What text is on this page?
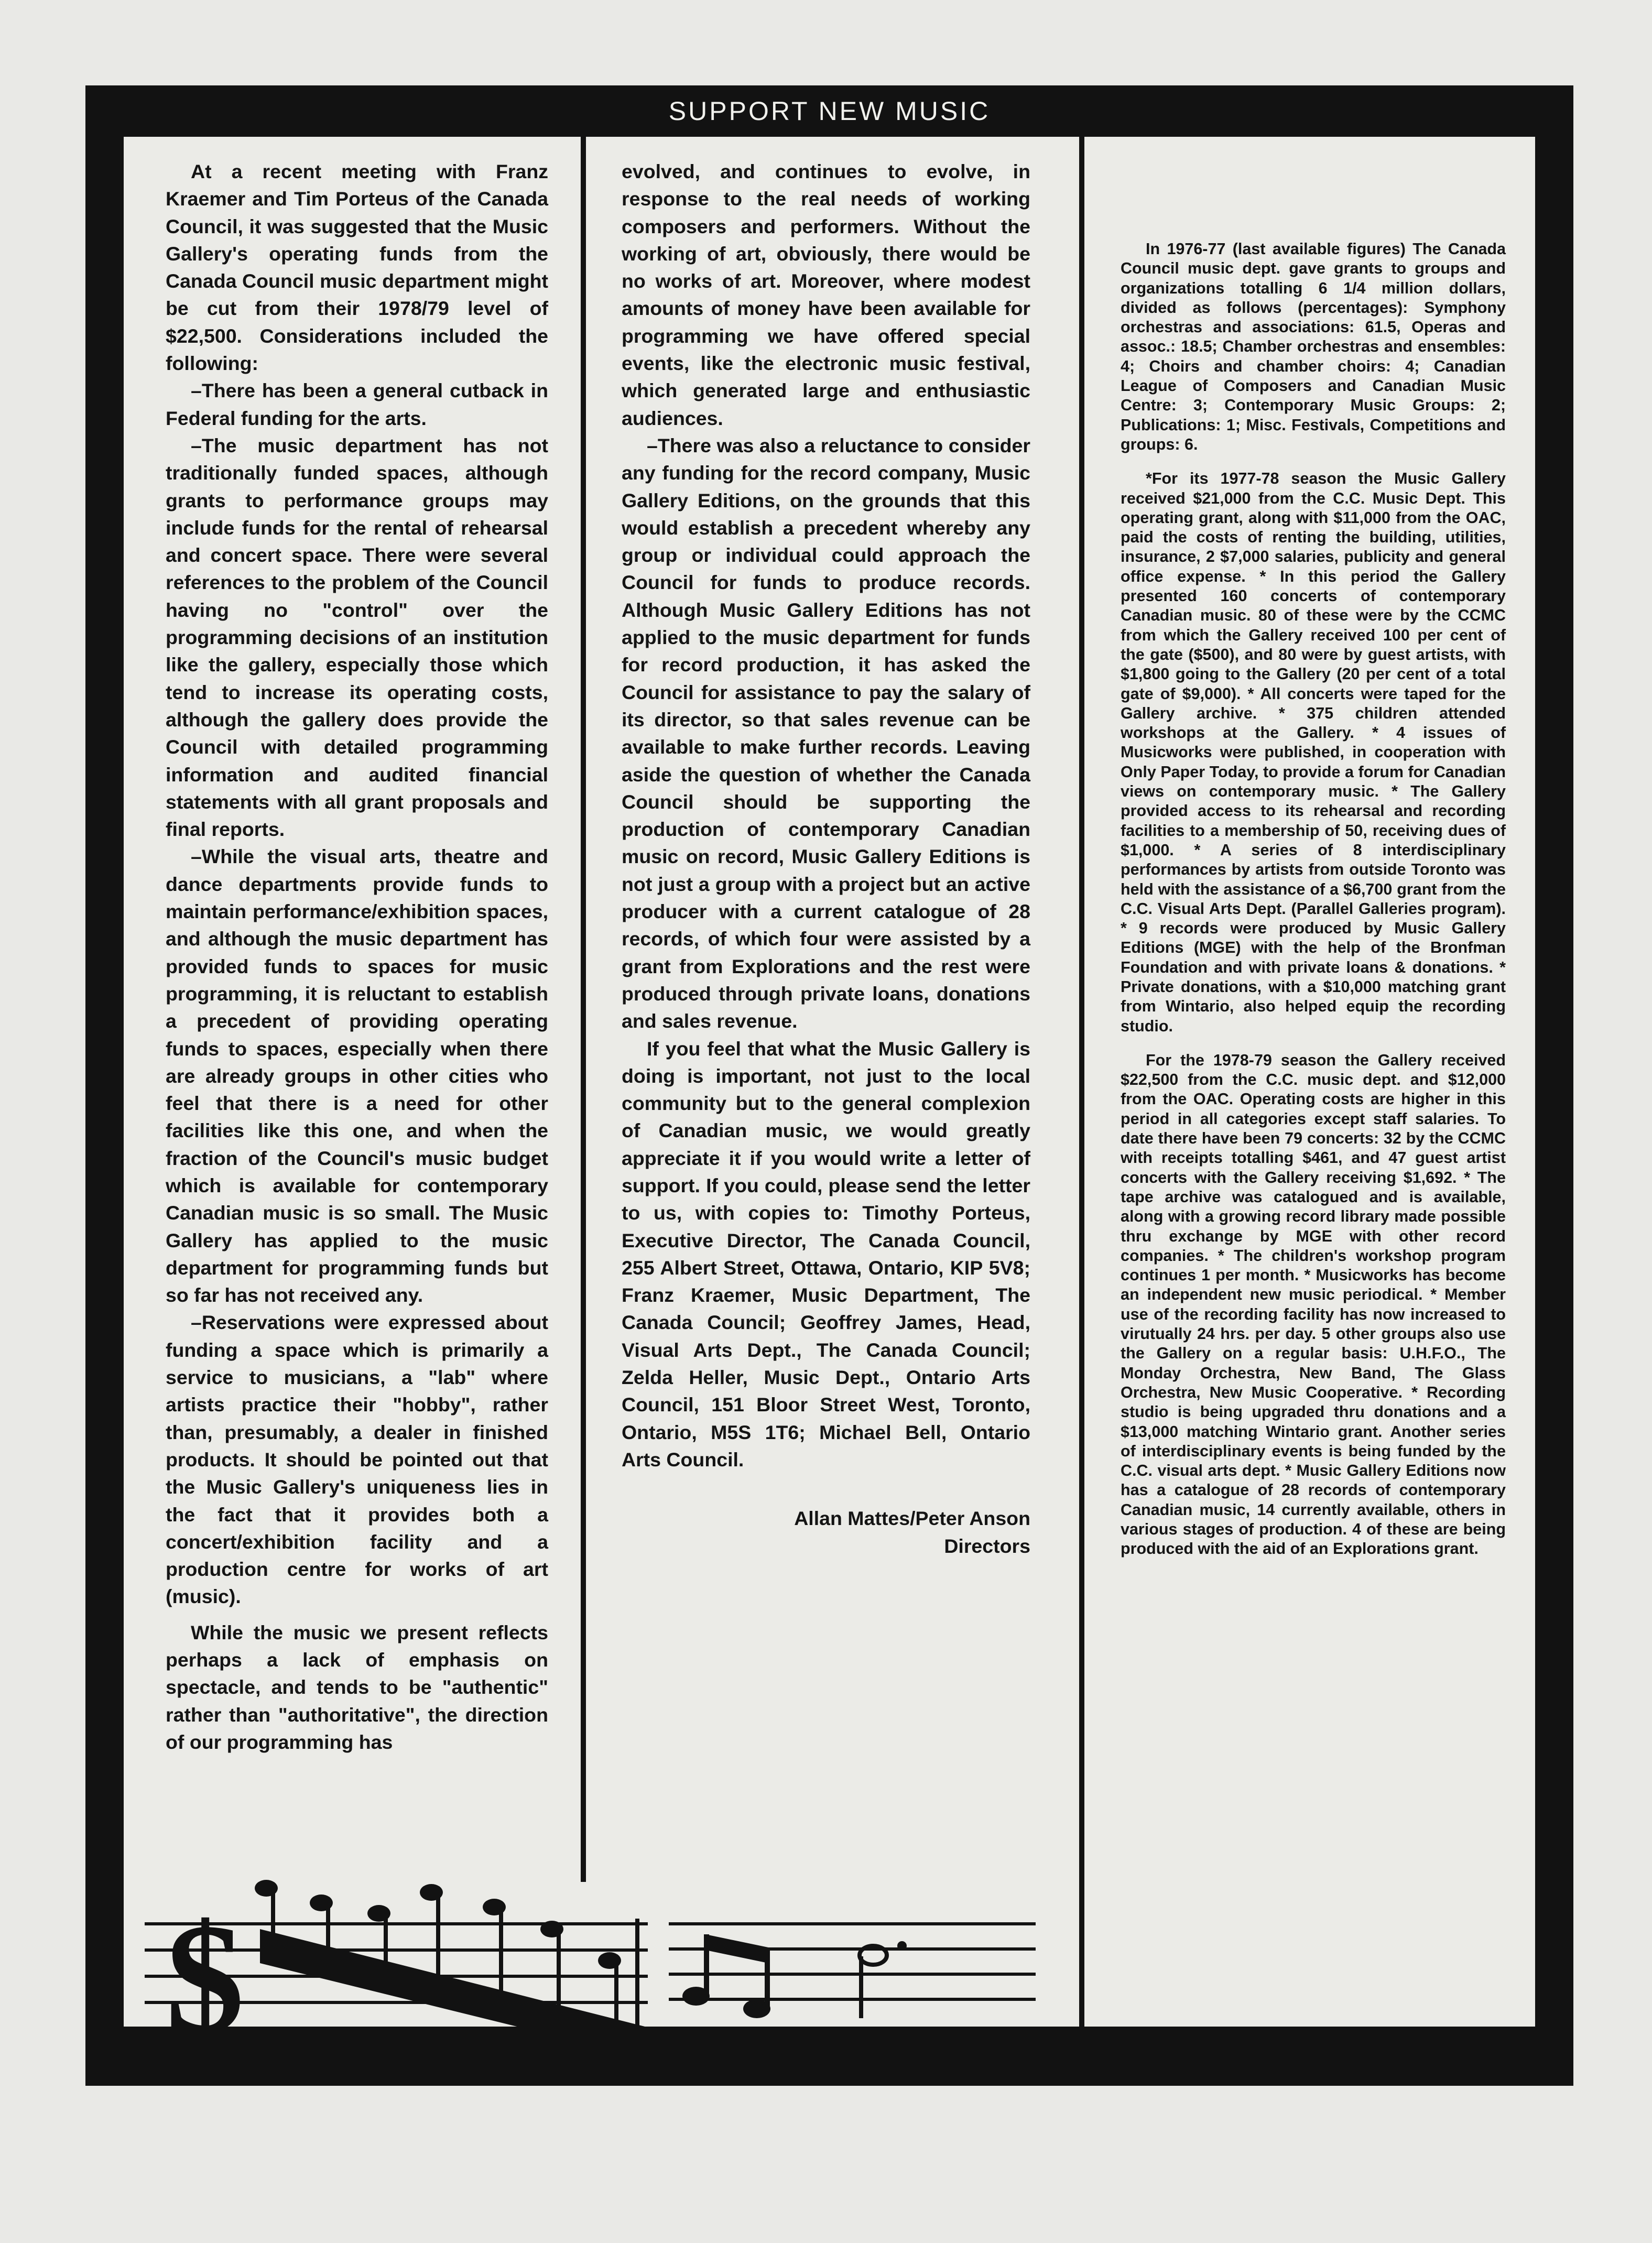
SUPPORT NEW MUSIC

At a recent meeting with Franz Kraemer and Tim Porteus of the Canada Council, it was suggested that the Music Gallery's operating funds from the Canada Council music department might be cut from their 1978/79 level of $22,500. Considerations included the following:

–There has been a general cutback in Federal funding for the arts.

–The music department has not traditionally funded spaces, although grants to performance groups may include funds for the rental of rehearsal and concert space. There were several references to the problem of the Council having no "control" over the programming decisions of an institution like the gallery, especially those which tend to increase its operating costs, although the gallery does provide the Council with detailed programming information and audited financial statements with all grant proposals and final reports.

–While the visual arts, theatre and dance departments provide funds to maintain performance/exhibition spaces, and although the music department has provided funds to spaces for music programming, it is reluctant to establish a precedent of providing operating funds to spaces, especially when there are already groups in other cities who feel that there is a need for other facilities like this one, and when the fraction of the Council's music budget which is available for contemporary Canadian music is so small. The Music Gallery has applied to the music department for programming funds but so far has not received any.

–Reservations were expressed about funding a space which is primarily a service to musicians, a "lab" where artists practice their "hobby", rather than, presumably, a dealer in finished products. It should be pointed out that the Music Gallery's uniqueness lies in the fact that it provides both a concert/exhibition facility and a production centre for works of art (music).

While the music we present reflects perhaps a lack of emphasis on spectacle, and tends to be "authentic" rather than "authoritative", the direction of our programming has

evolved, and continues to evolve, in response to the real needs of working composers and performers. Without the working of art, obviously, there would be no works of art. Moreover, where modest amounts of money have been available for programming we have offered special events, like the electronic music festival, which generated large and enthusiastic audiences.

–There was also a reluctance to consider any funding for the record company, Music Gallery Editions, on the grounds that this would establish a precedent whereby any group or individual could approach the Council for funds to produce records. Although Music Gallery Editions has not applied to the music department for funds for record production, it has asked the Council for assistance to pay the salary of its director, so that sales revenue can be available to make further records. Leaving aside the question of whether the Canada Council should be supporting the production of contemporary Canadian music on record, Music Gallery Editions is not just a group with a project but an active producer with a current catalogue of 28 records, of which four were assisted by a grant from Explorations and the rest were produced through private loans, donations and sales revenue.

If you feel that what the Music Gallery is doing is important, not just to the local community but to the general complexion of Canadian music, we would greatly appreciate it if you would write a letter of support. If you could, please send the letter to us, with copies to: Timothy Porteus, Executive Director, The Canada Council, 255 Albert Street, Ottawa, Ontario, KIP 5V8; Franz Kraemer, Music Department, The Canada Council; Geoffrey James, Head, Visual Arts Dept., The Canada Council; Zelda Heller, Music Dept., Ontario Arts Council, 151 Bloor Street West, Toronto, Ontario, M5S 1T6; Michael Bell, Ontario Arts Council.

Allan Mattes/Peter Anson

Directors

In 1976-77 (last available figures) The Canada Council music dept. gave grants to groups and organizations totalling 6 1/4 million dollars, divided as follows (percentages): Symphony orchestras and associations: 61.5, Operas and assoc.: 18.5; Chamber orchestras and ensembles: 4; Choirs and chamber choirs: 4; Canadian League of Composers and Canadian Music Centre: 3; Contemporary Music Groups: 2; Publications: 1; Misc. Festivals, Competitions and groups: 6.

*For its 1977-78 season the Music Gallery received $21,000 from the C.C. Music Dept. This operating grant, along with $11,000 from the OAC, paid the costs of renting the building, utilities, insurance, 2 $7,000 salaries, publicity and general office expense. * In this period the Gallery presented 160 concerts of contemporary Canadian music. 80 of these were by the CCMC from which the Gallery received 100 per cent of the gate ($500), and 80 were by guest artists, with $1,800 going to the Gallery (20 per cent of a total gate of $9,000). * All concerts were taped for the Gallery archive. * 375 children attended workshops at the Gallery. * 4 issues of Musicworks were published, in cooperation with Only Paper Today, to provide a forum for Canadian views on contemporary music. * The Gallery provided access to its rehearsal and recording facilities to a membership of 50, receiving dues of $1,000. * A series of 8 interdisciplinary performances by artists from outside Toronto was held with the assistance of a $6,700 grant from the C.C. Visual Arts Dept. (Parallel Galleries program). * 9 records were produced by Music Gallery Editions (MGE) with the help of the Bronfman Foundation and with private loans & donations. * Private donations, with a $10,000 matching grant from Wintario, also helped equip the recording studio.

For the 1978-79 season the Gallery received $22,500 from the C.C. music dept. and $12,000 from the OAC. Operating costs are higher in this period in all categories except staff salaries. To date there have been 79 concerts: 32 by the CCMC with receipts totalling $461, and 47 guest artist concerts with the Gallery receiving $1,692. * The tape archive was catalogued and is available, along with a growing record library made possible thru exchange by MGE with other record companies. * The children's workshop program continues 1 per month. * Musicworks has become an independent new music periodical. * Member use of the recording facility has now increased to virutually 24 hrs. per day. 5 other groups also use the Gallery on a regular basis: U.H.F.O., The Monday Orchestra, New Band, The Glass Orchestra, New Music Cooperative. * Recording studio is being upgraded thru donations and a $13,000 matching Wintario grant. Another series of interdisciplinary events is being funded by the C.C. visual arts dept. * Music Gallery Editions now has a catalogue of 28 records of contemporary Canadian music, 14 currently available, others in various stages of production. 4 of these are being produced with the aid of an Explorations grant.

$
